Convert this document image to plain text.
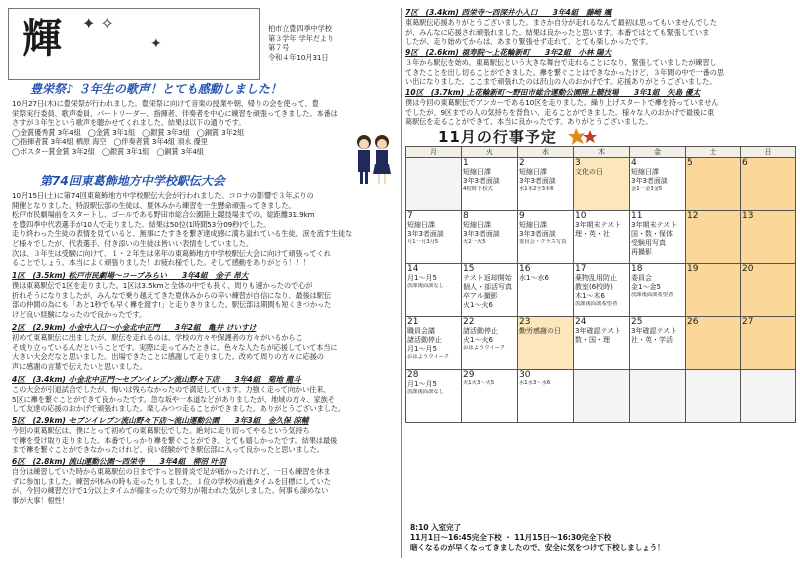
輝 ✦ ✧
✦
柏市立豊四季中学校
第３学年 学年だより
第７号
令和４年10月31日
豊栄祭♪ ３年生の歌声！とても感動しました！
10月27日(木)に豊栄祭が行われました。豊栄祭に向けて音楽の授業や朝、帰りの会を使って、豊
栄祭実行委員、歌声委員、パートリーダー、指揮者、伴奏者を中心に練習を頑張ってきました。本番は
さすが３年生という歌声を聴かせてくれました。結果は以下の通りです。
◯金賞優秀賞 3年4組　◯金賞 3年1組　◯銀賞 3年3組　◯銅賞 3年2組
◯指揮者賞 3年4組 栖原 海空　◯伴奏者賞 3年4組 須永 優里
◯ポスター賞金賞 3年2組　◯銀賞 3年1組　◯銅賞 3年4組
第74回東葛飾地方中学校駅伝大会
10月15日(土)に第74回東葛飾地方中学校駅伝大会が行われました。コロナの影響で３年ぶりの
開催となりました。特設駅伝部の生徒は、夏休みから練習を一生懸命頑張ってきました。
松戸市民劇場前をスタートし、ゴールである野田市総合公園陸上競技場までの、総距離31.9km
を豊四季中代表選手が10人で走りました。結果は50位(1時間53分09秒)でした。
走り終わった生徒の表情を見ていると、無事にたすきを繋ぎ達成感に満ち溢れている生徒、涙を流す生徒な
ど様々でしたが、代表選手、付き添いの生徒は皆いい表情をしていました。
次は、３年生は受験に向けて、１・２年生は来年の東葛飾地方中学校駅伝大会に向けて頑張ってくれ
ることでしょう。本当によく頑張りました！お疲れ様でした。そして感動をありがとう！！！
1区　(3.5km) 松戸市民劇場～コーブみらい　　3年4組　金子 昂大
僕は東葛駅伝で1区を走りました。1区は3.5kmと全体の中でも長く、周りも速かったので心が
折れそうになりましたが、みんなで乗り越えてきた夏休みからの辛い練習が自信になり、最後は駅伝
部の仲間の為にも「あと1秒でも早く襷を渡す!」と走りきりました。駅伝部は期間も短くきつかった
けど良い経験になったので良かったです。
2区　(2.9km) 小金中入口～小金北中正門　　3年2組　亀井 けいすけ
初めて東葛駅伝に出ましたが、駅伝を走れるのは、学校の方々や保護者の方々がいるからこ
そ成り立っているんだということです。実際に走ってみたときに、色々な人たちが応援していて本当に
大きい大会だなと思いました。出場できたことに感謝して走りました。改めて周りの方々に応援の
声に感謝の言葉で伝えたいと思いました。
4区　(3.4km) 小金北中正門～セブンイレブン流山野々下店　　3年4組　菊地 龍斗
この大会が引退試合でしたが、悔いは残らなかったので満足しています。力強く走って向かい往来、
5区に襷を繋ぐことができて良かったです。急な坂や一本道などがありましたが、地域の方々、家族そ
して友達の応援のおかげで頑張れました。楽しみつつ走ることができました。ありがとうございました。
5区　(2.9km) セブンイレブン流山野々下店～流山運動公園　　3年3組　金久保 涼輔
今回の東葛駅伝は、僕にとって初めての東葛駅伝でした。絶対に走り切ってやるという気持ち
で襷を受け取り走りました。本番でしっかり襷を繋ぐことができ、とても嬉しかったです。結果は最後
まで襷を繋ぐことができなかったけれど、良い経験ができ駅伝部に入って良かったと思いました。
6区　(2.8km) 流山運動公園～西栄寺　　3年4組　柳沼 叶羽
自分は練習していた時から東葛駅伝の日まですっと脛骨炎で足が痛かったけれど、一日も練習を休ま
ずに参加しました。練習が休みの時も走ったりしました。１位の学校の前進タイムを目標にしていた
が、今回の練習だけで1分以上タイムが縮まったので努力が報われた気がしました。何事も諦めない
事が大事！根性！
7区　(3.4km) 西栄寺～西深井小入口　　3年4組　藤崎 颯
東葛駅伝応援ありがとうございました。まさか自分が走れるなんて最初は思ってもいませんでした
が、みんなに応援され頑張れました。結果は良かったと思います。本番ではとても緊張していま
したが、走り始めてからは、あまり緊張せず走れて、とても楽しかったです。
9区　(2.6km) 福寿院～上花輪新町　　3年2組　小林 陽大
３年から駅伝を始め、東葛駅伝という大きな舞台で走れることになり、緊張していましたが練習し
てきたことを出し切ることができました。襷を繋ぐことはできなかったけど、３年間の中で一番の思
い出になりました。ここまで頑張れたのは沢山の人のおかげです。応援ありがとうございました。
10区　(3.7km) 上花輪新町～野田市総合運動公園陸上競技場　　3年1組　矢島 優太
僕は今回の東葛駅伝でアンカーである10区を走りました。繰り上げスタートで襷を持っていません
でしたが、9区までの人の気持ちを背負い、走ることができました。様々な人のおかげで最後に東
葛駅伝を走ることができて、本当に良かったです。ありがとうございました。
11月の行事予定
月	火	水	木	金	土	日

	1
短縮日課
3年3者面談
4校時下校式	2
短縮日課
3年3者面談
水1本2全3本6	3
文化の日	4
短縮日課
3年3者面談
金1一金3金5	5	6

7
短縮日課
3年3者面談
月1一月3月5	8
短縮日課
3年3者面談
火2一火5	9
短縮日課
3年3者面談
委員会・クラス写真	10
3年期末テスト
理・英・社	11
3年期末テスト
国・数・保体
受験用写真
再撮影	12	13

14
月1～月5
放課後面談なし	15
テスト返却開始
個人・部活写真
卒アル撮影
火1～火6	16
水1～水6	17
薬物乱用防止
教室(6校時)
木1～木6
放課後面談希望者	18
委員会
金1～金5
放課後面談希望者	19	20

21
職員会議
諸活動停止
月1～月5
おはようウイーク	22
諸活動停止
火1～火6
おはようウイーク	23
勤労感謝の日	24
3年確認テスト
数・国・理	25
3年確認テスト
社・英・学活	26	27

28
月1～月5
放課後面談なし	29
火1火3～火5	30
水1水3～水6				

8:10 入室完了
11月1日～16:45完全下校 ・ 11月15日～16:30完全下校
暗くなるのが早くなってきましたので、安全に気をつけて下校しましょう！
